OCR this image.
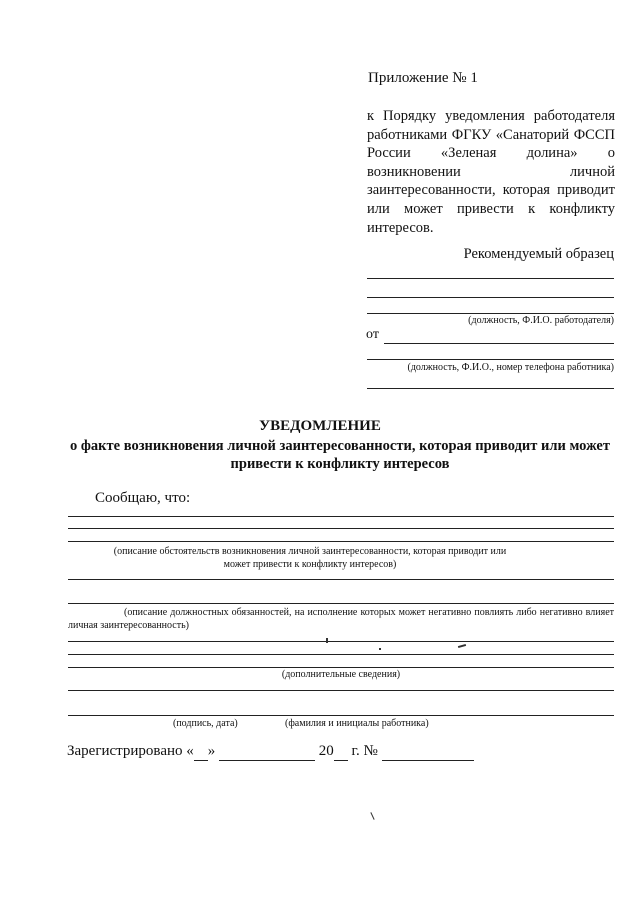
Приложение № 1
к Порядку уведомления работодателя работниками ФГКУ «Санаторий ФССП России «Зеленая долина» о возникновении личной заинтересованности, которая приводит или может привести к конфликту интересов.
Рекомендуемый образец
(должность, Ф.И.О. работодателя)
от
(должность, Ф.И.О., номер телефона работника)
УВЕДОМЛЕНИЕ
о факте возникновения личной заинтересованности, которая приводит или может привести к конфликту интересов
Сообщаю, что:
(описание обстоятельств возникновения личной заинтересованности, которая приводит или может привести к конфликту интересов)
(описание должностных обязанностей, на исполнение которых может негативно повлиять либо негативно влияет личная заинтересованность)
(дополнительные сведения)
(подпись, дата)	(фамилия и инициалы работника)
Зарегистрировано « »	20 г. №
